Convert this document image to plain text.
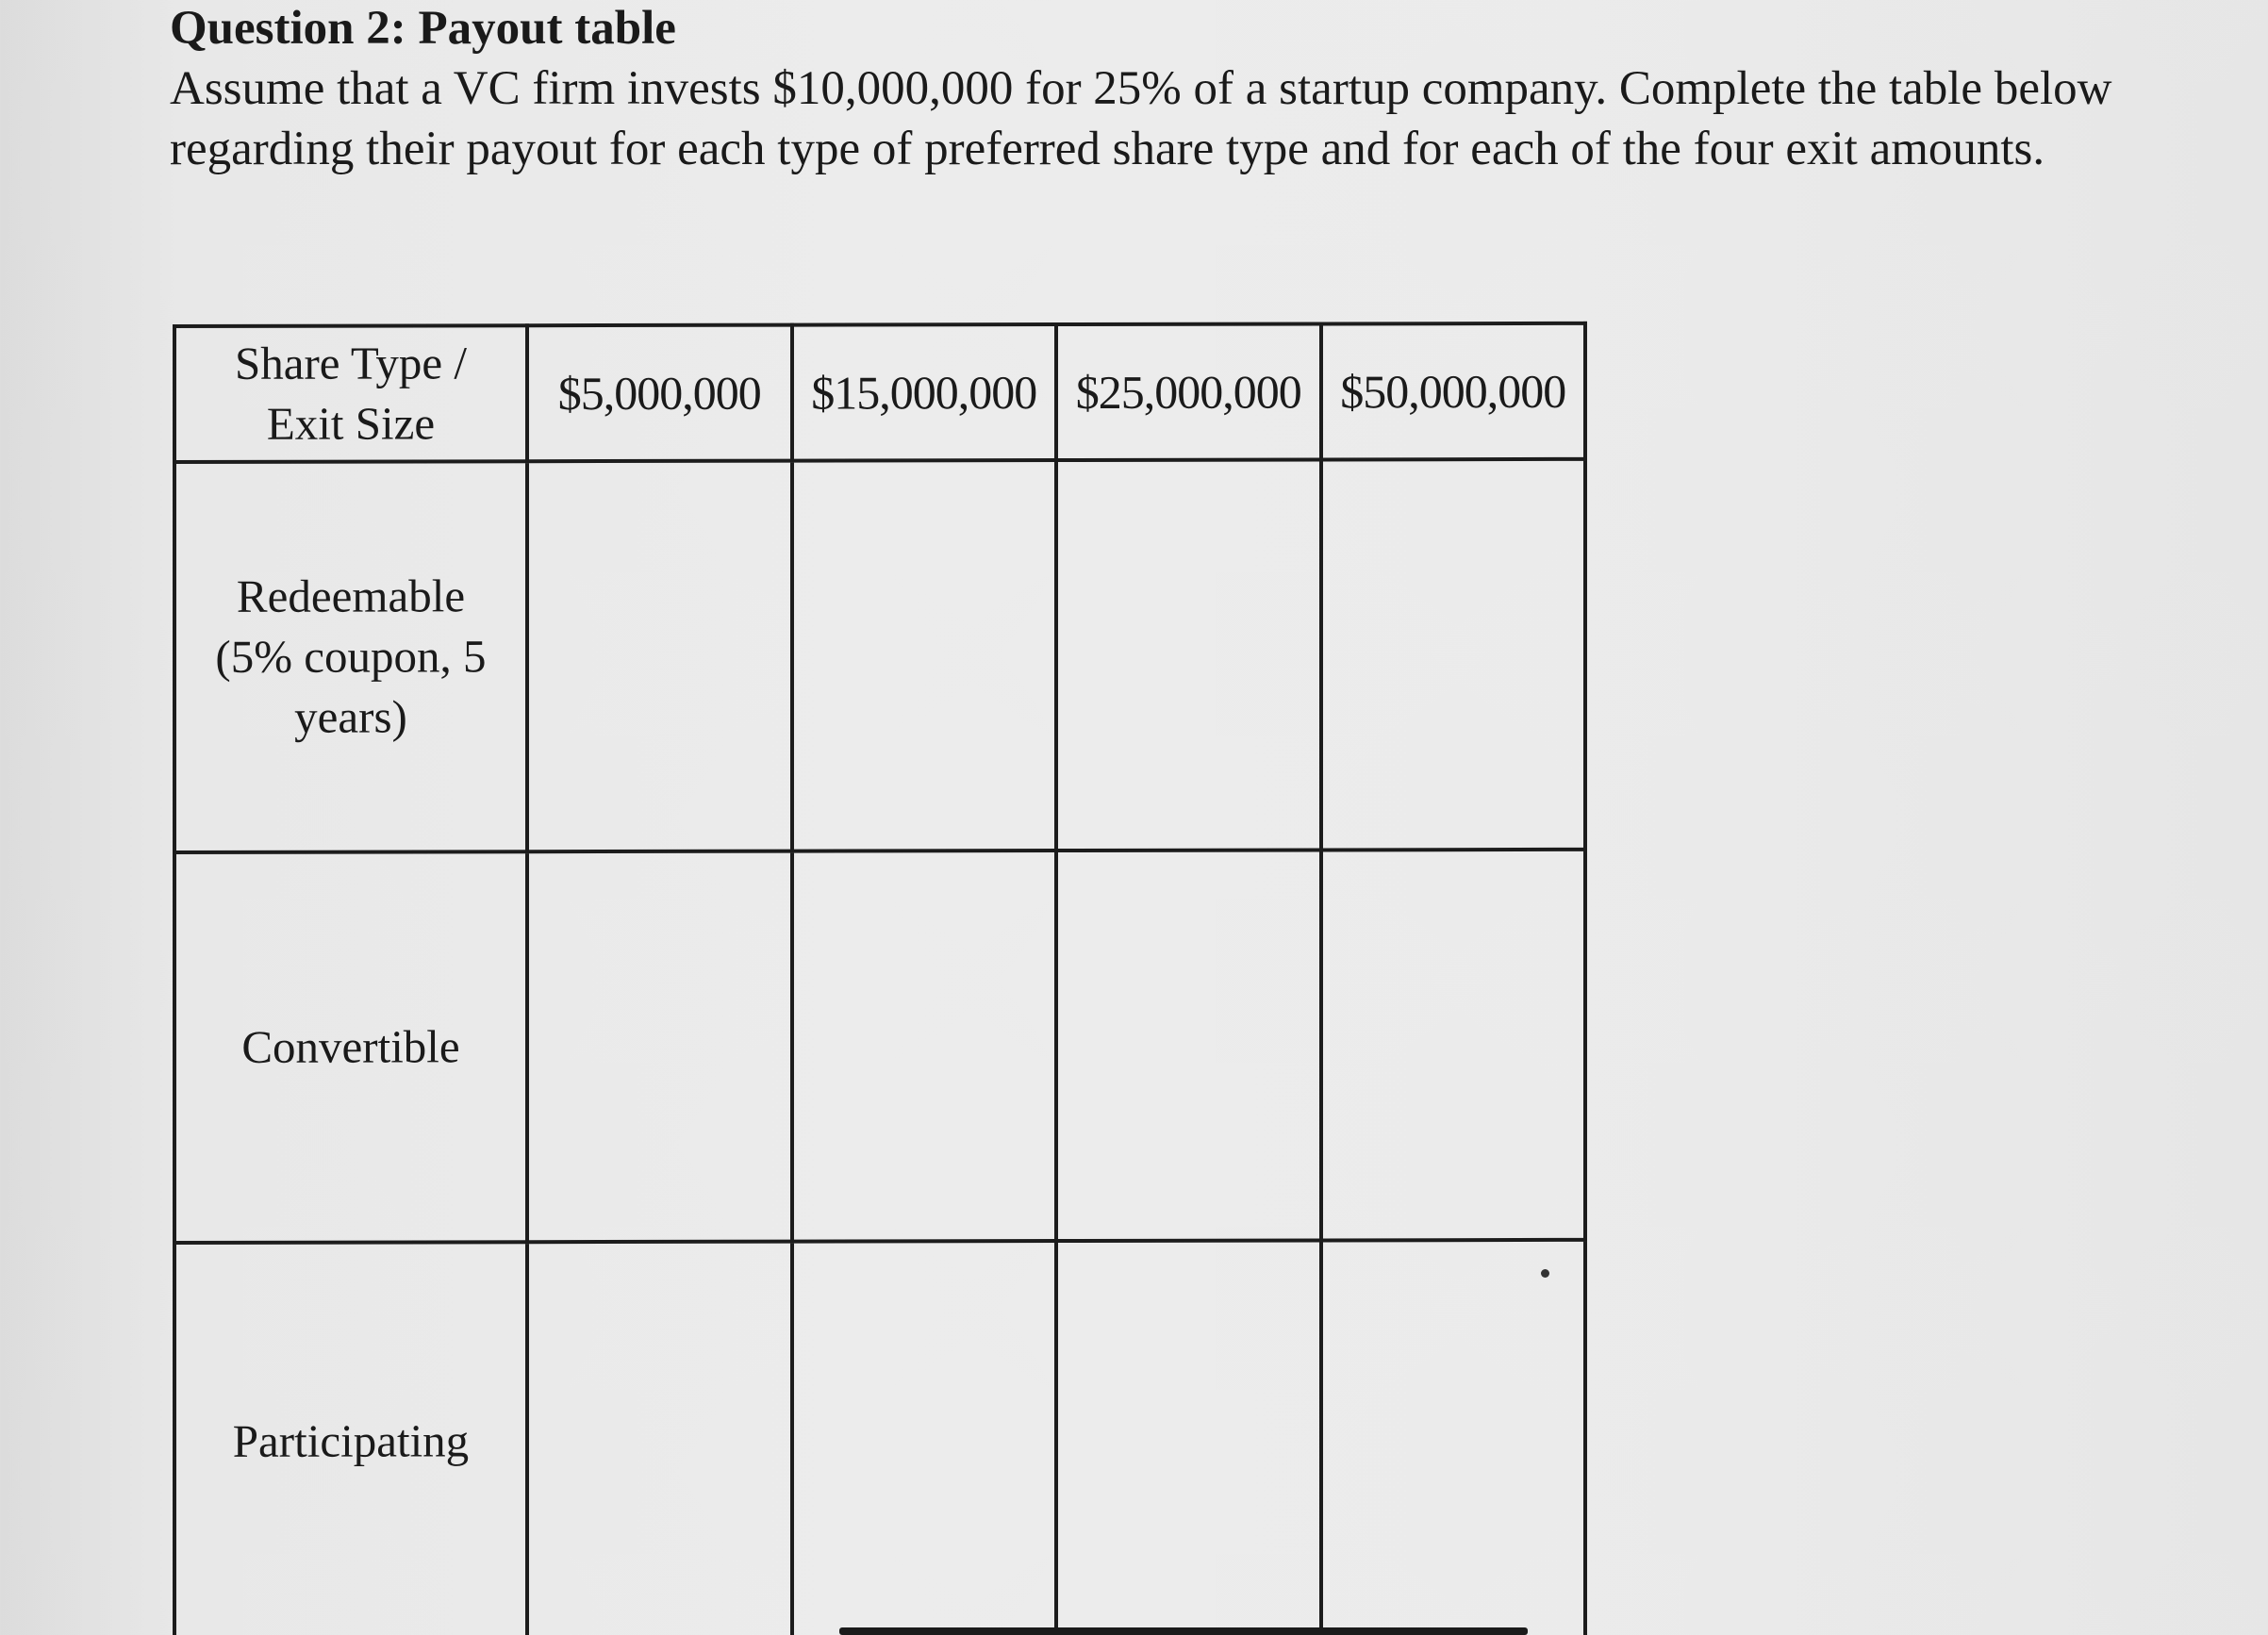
Question 2: Payout table
Assume that a VC firm invests $10,000,000 for 25% of a startup company. Complete the table below regarding their payout for each type of preferred share type and for each of the four exit amounts.
Share Type / Exit Size	$5,000,000	$15,000,000	$25,000,000	$50,000,000
Redeemable (5% coupon, 5 years)				
Convertible				
Participating				
